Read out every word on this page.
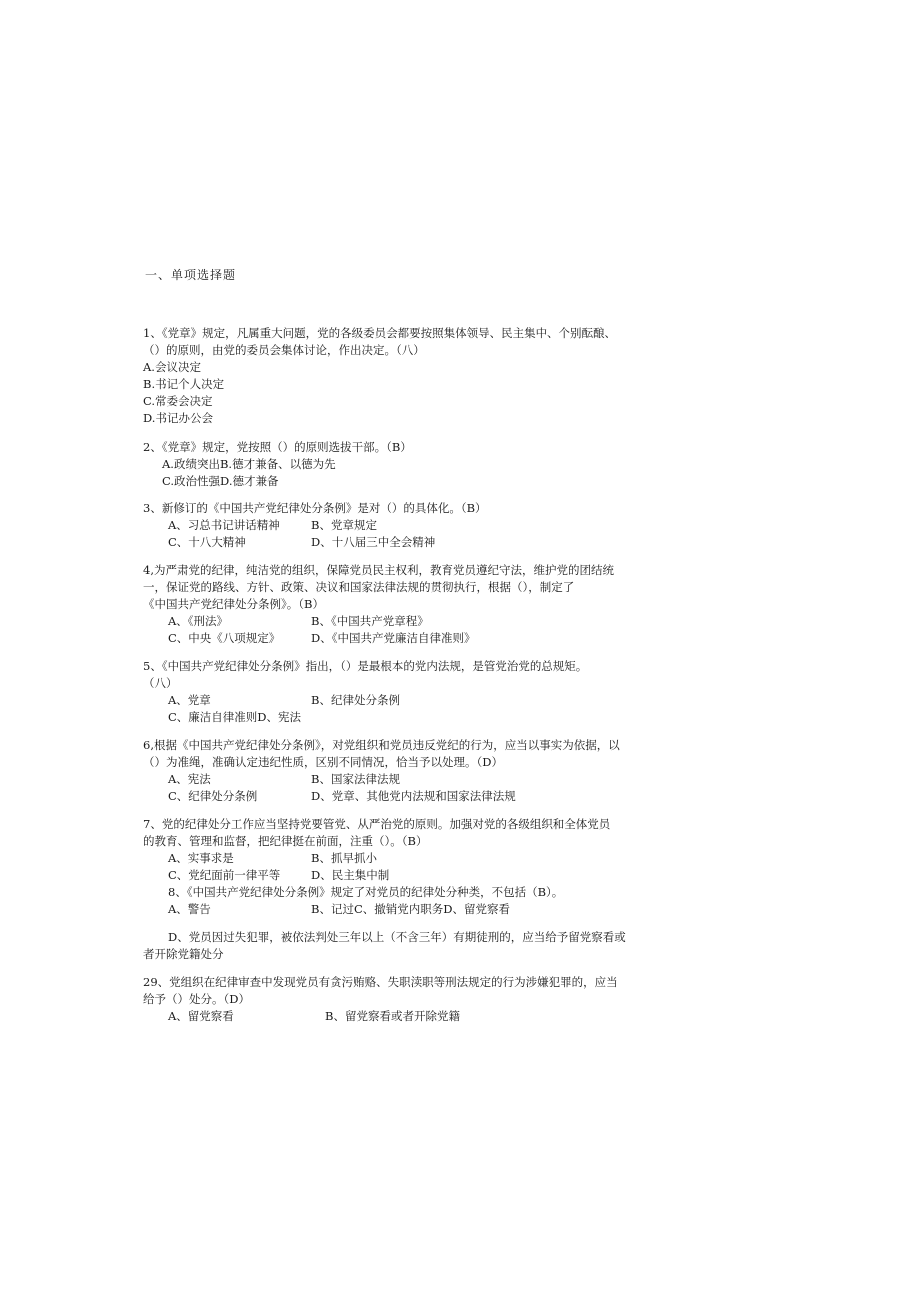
一、单项选择题
1、《党章》规定，凡属重大问题，党的各级委员会都要按照集体领导、民主集中、个别酝酿、
（）的原则，由党的委员会集体讨论，作出决定。（八）
A.会议决定
B.书记个人决定
C.常委会决定
D.书记办公会
2、《党章》规定，党按照（）的原则选拔干部。（B）
A.政绩突出B.德才兼备、以德为先
C.政治性强D.德才兼备
3、新修订的《中国共产党纪律处分条例》是对（）的具体化。（B）
A、习总书记讲话精神	B、党章规定
C、十八大精神	D、十八届三中全会精神
4,为严肃党的纪律，纯洁党的组织，保障党员民主权利，教育党员遵纪守法，维护党的团结统
一，保证党的路线、方针、政策、决议和国家法律法规的贯彻执行，根据（），制定了
《中国共产党纪律处分条例》。（B）
A、《刑法》	B、《中国共产党章程》
C、中央《八项规定》	D、《中国共产党廉洁自律准则》
5、《中国共产党纪律处分条例》指出，（）是最根本的党内法规，是管党治党的总规矩。
（八）
A、党章	B、纪律处分条例
C、廉洁自律准则D、宪法
6,根据《中国共产党纪律处分条例》，对党组织和党员违反党纪的行为，应当以事实为依据，以
（）为准绳，准确认定违纪性质，区别不同情况，恰当予以处理。（D）
A、宪法	B、国家法律法规
C、纪律处分条例	D、党章、其他党内法规和国家法律法规
7、党的纪律处分工作应当坚持党要管党、从严治党的原则。加强对党的各级组织和全体党员
的教育、管理和监督，把纪律挺在前面，注重（）。（B）
A、实事求是	B、抓早抓小
C、党纪面前一律平等	D、民主集中制
8、《中国共产党纪律处分条例》规定了对党员的纪律处分种类，不包括（B）。
A、警告	B、记过C、撤销党内职务D、留党察看
D、党员因过失犯罪，被依法判处三年以上（不含三年）有期徒刑的，应当给予留党察看或
者开除党籍处分
29、党组织在纪律审查中发现党员有贪污贿赂、失职渎职等刑法规定的行为涉嫌犯罪的，应当
给予（）处分。（D）
A、留党察看	B、留党察看或者开除党籍
